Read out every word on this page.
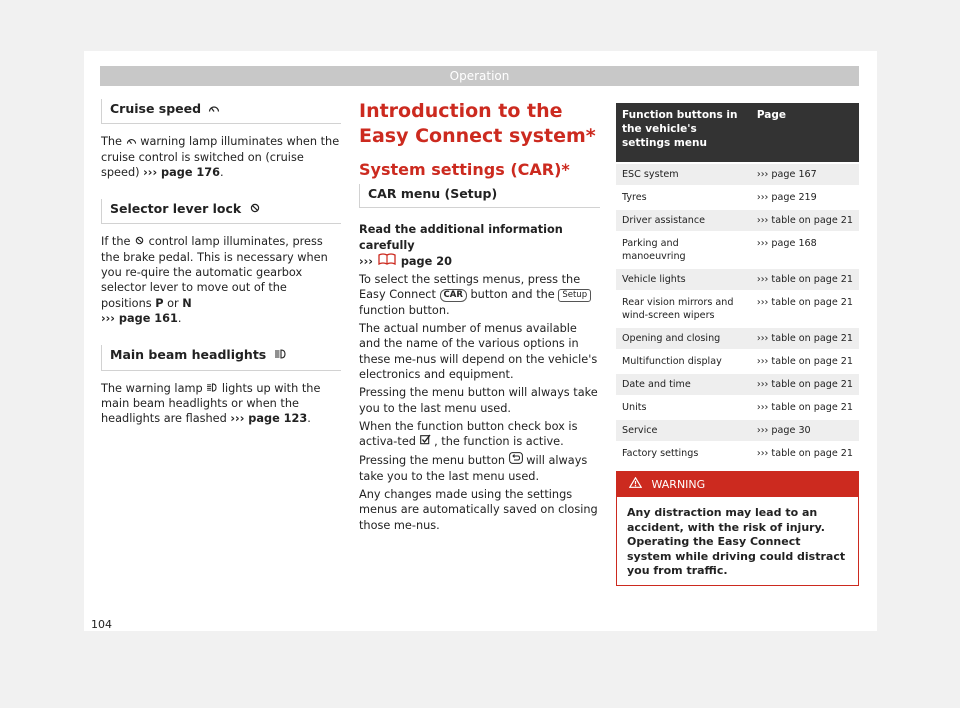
Operation
Cruise speed

The warning lamp illuminates when the cruise control is switched on (cruise speed) ››› page 176.

Selector lever lock

If the control lamp illuminates, press the brake pedal. This is necessary when you re-quire the automatic gearbox selector lever to move out of the positions P or N
››› page 161.

Main beam headlights

The warning lamp lights up with the main beam headlights or when the headlights are flashed ››› page 123.

Introduction to the Easy Connect system*
System settings (CAR)*
CAR menu (Setup)

Read the additional information carefully
››› page 20

To select the settings menus, press the Easy Connect CAR button and the Setup function button.

The actual number of menus available and the name of the various options in these me-nus will depend on the vehicle's electronics and equipment.

Pressing the menu button will always take you to the last menu used.

When the function button check box is activa-ted , the function is active.

Pressing the menu button will always take you to the last menu used.

Any changes made using the settings menus are automatically saved on closing those me-nus.

Function buttons in the vehicle's settings menu	Page
ESC system	››› page 167
Tyres	››› page 219
Driver assistance	››› table on page 21
Parking and manoeuvring	››› page 168
Vehicle lights	››› table on page 21
Rear vision mirrors and wind-screen wipers	››› table on page 21
Opening and closing	››› table on page 21
Multifunction display	››› table on page 21
Date and time	››› table on page 21
Units	››› table on page 21
Service	››› page 30
Factory settings	››› table on page 21
WARNING
Any distraction may lead to an accident, with the risk of injury. Operating the Easy Connect system while driving could distract you from traffic.
104
